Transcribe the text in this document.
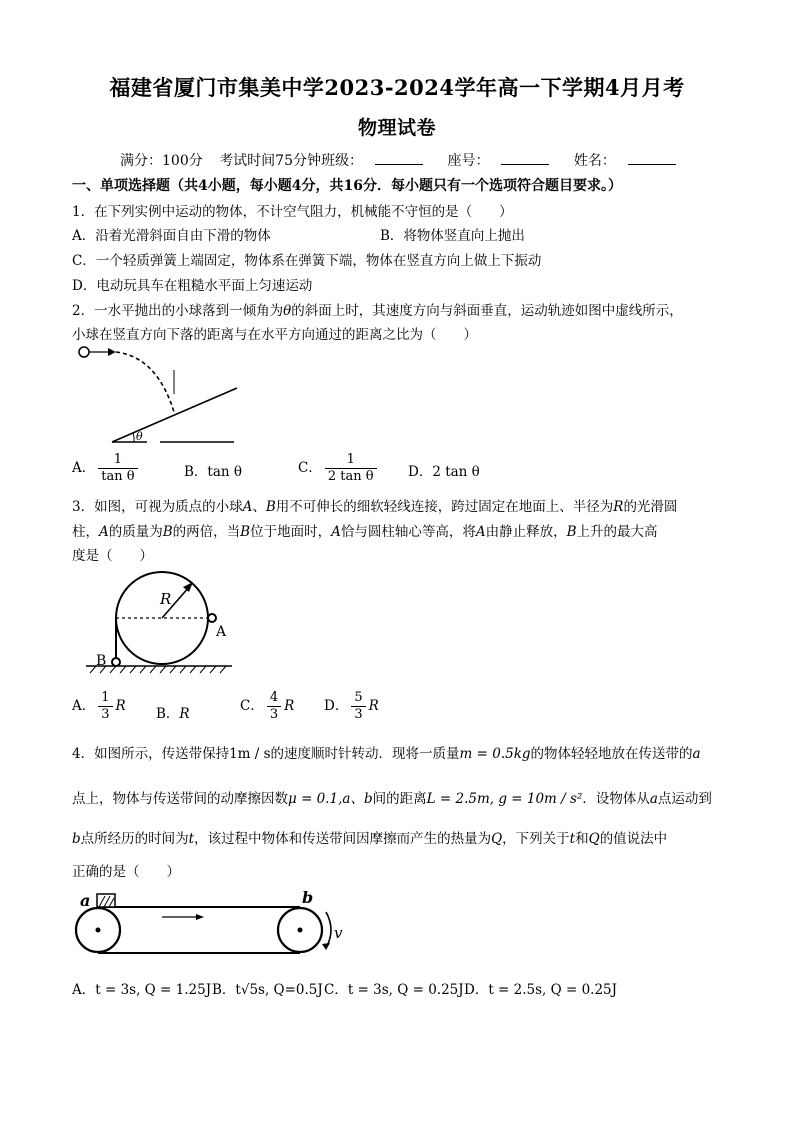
福建省厦门市集美中学2023-2024学年高一下学期4月月考
物理试卷
满分：100分 考试时间75分钟班级：	座号：	姓名：
一、单项选择题（共4小题，每小题4分，共16分．每小题只有一个选项符合题目要求。）
1．在下列实例中运动的物体，不计空气阻力，机械能不守恒的是（　　）
A．沿着光滑斜面自由下滑的物体	B．将物体竖直向上抛出
C．一个轻质弹簧上端固定，物体系在弹簧下端，物体在竖直方向上做上下振动
D．电动玩具车在粗糙水平面上匀速运动
2．一水平抛出的小球落到一倾角为θ的斜面上时，其速度方向与斜面垂直，运动轨迹如图中虚线所示，
小球在竖直方向下落的距离与在水平方向通过的距离之比为（　　）
θ
A． $\frac{1}{\text{tan θ}}$	B．tan θ	C． $\frac{1}{\text{2 tan θ}}$ D．2 tan θ
3．如图，可视为质点的小球A、B用不可伸长的细软轻线连接，跨过固定在地面上、半径为R的光滑圆
柱，A的质量为B的两倍，当B位于地面时，A恰与圆柱轴心等高，将A由静止释放，B上升的最大高
度是（　　）
R
A
B
A． $\frac{1}{3}$ R B．R	C． $\frac{4}{3}$ R D． $\frac{5}{3}$ R
4．如图所示，传送带保持1m / s的速度顺时针转动．现将一质量m = 0.5kg的物体轻轻地放在传送带的a
点上，物体与传送带间的动摩擦因数μ = 0.1,a、b间的距离L = 2.5m, g = 10m / s²．设物体从a点运动到
b点所经历的时间为t，该过程中物体和传送带间因摩擦而产生的热量为Q，下列关于t和Q的值说法中
正确的是（　　）
a	b
v
A．t = 3s, Q = 1.25J B．t√5s, Q=0.5J C．t = 3s, Q = 0.25J D．t = 2.5s, Q = 0.25J
